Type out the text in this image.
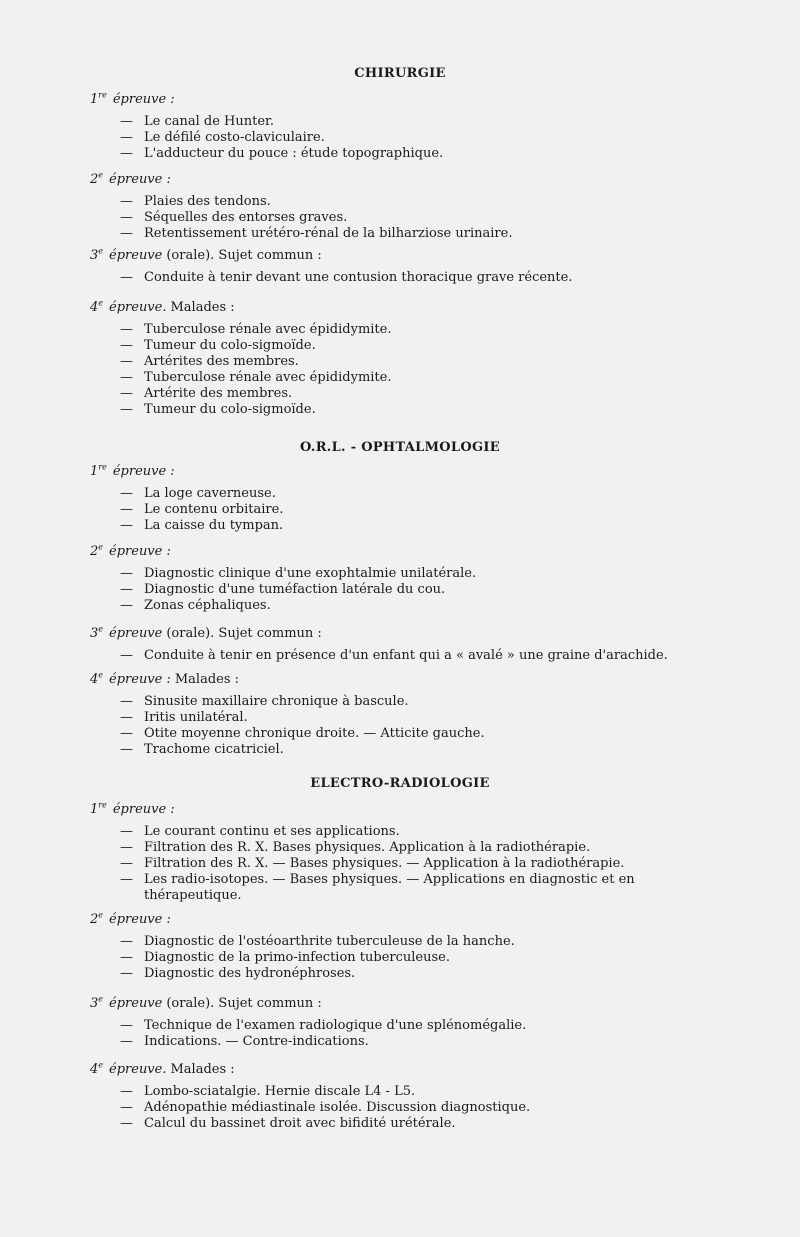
CHIRURGIE
1re épreuve :
— Le canal de Hunter.
— Le défilé costo-claviculaire.
— L'adducteur du pouce : étude topographique.
2e épreuve :
— Plaies des tendons.
— Séquelles des entorses graves.
— Retentissement urétéro-rénal de la bilharziose urinaire.
3e épreuve (orale). Sujet commun :
— Conduite à tenir devant une contusion thoracique grave récente.
4e épreuve. Malades :
— Tuberculose rénale avec épididymite.
— Tumeur du colo-sigmoïde.
— Artérites des membres.
— Tuberculose rénale avec épididymite.
— Artérite des membres.
— Tumeur du colo-sigmoïde.
O.R.L. - OPHTALMOLOGIE
1re épreuve :
— La loge caverneuse.
— Le contenu orbitaire.
— La caisse du tympan.
2e épreuve :
— Diagnostic clinique d'une exophtalmie unilatérale.
— Diagnostic d'une tuméfaction latérale du cou.
— Zonas céphaliques.
3e épreuve (orale). Sujet commun :
— Conduite à tenir en présence d'un enfant qui a « avalé » une graine d'arachide.
4e épreuve : Malades :
— Sinusite maxillaire chronique à bascule.
— Iritis unilatéral.
— Otite moyenne chronique droite. — Atticite gauche.
— Trachome cicatriciel.
ELECTRO-RADIOLOGIE
1re épreuve :
— Le courant continu et ses applications.
— Filtration des R. X. Bases physiques. Application à la radiothérapie.
— Filtration des R. X. — Bases physiques. — Application à la radiothérapie.
— Les radio-isotopes. — Bases physiques. — Applications en diagnostic et en
thérapeutique.
2e épreuve :
— Diagnostic de l'ostéoarthrite tuberculeuse de la hanche.
— Diagnostic de la primo-infection tuberculeuse.
— Diagnostic des hydronéphroses.
3e épreuve (orale). Sujet commun :
— Technique de l'examen radiologique d'une splénomégalie.
— Indications. — Contre-indications.
4e épreuve. Malades :
— Lombo-sciatalgie. Hernie discale L4 - L5.
— Adénopathie médiastinale isolée. Discussion diagnostique.
— Calcul du bassinet droit avec bifidité urétérale.
